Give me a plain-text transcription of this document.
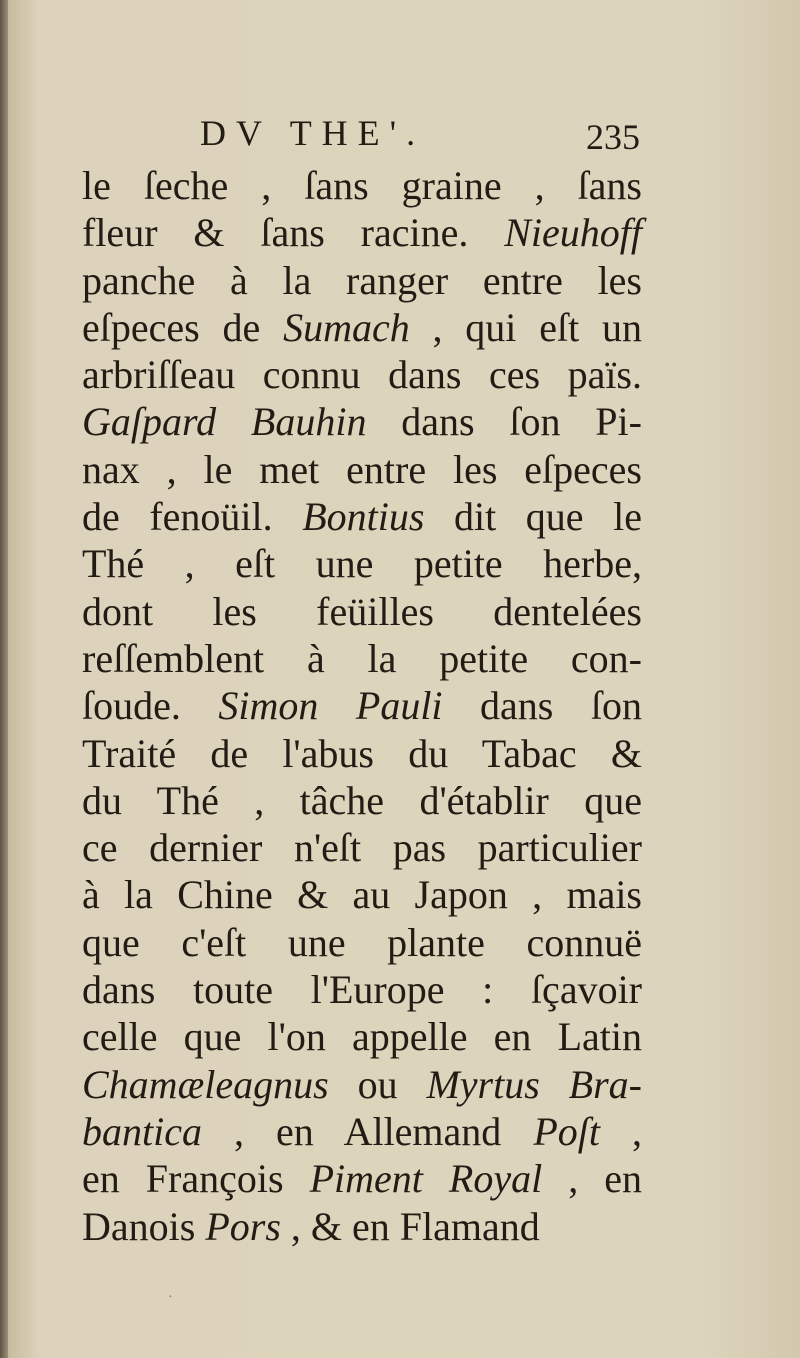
DV THE'.	235
le ſeche , ſans graine , ſans
fleur & ſans racine. Nieuhoff
panche à la ranger entre les
eſpeces de Sumach , qui eſt un
arbriſſeau connu dans ces païs.
Gaſpard Bauhin dans ſon Pi-
nax , le met entre les eſpeces
de fenoüil. Bontius dit que le
Thé , eſt une petite herbe,
dont les feüilles dentelées
reſſemblent à la petite con-
ſoude. Simon Pauli dans ſon
Traité de l'abus du Tabac &
du Thé , tâche d'établir que
ce dernier n'eſt pas particulier
à la Chine & au Japon , mais
que c'eſt une plante connuë
dans toute l'Europe : ſçavoir
celle que l'on appelle en Latin
Chamæleagnus ou Myrtus Bra-
bantica , en Allemand Poſt ,
en François Piment Royal , en
Danois Pors , & en Flamand
·
